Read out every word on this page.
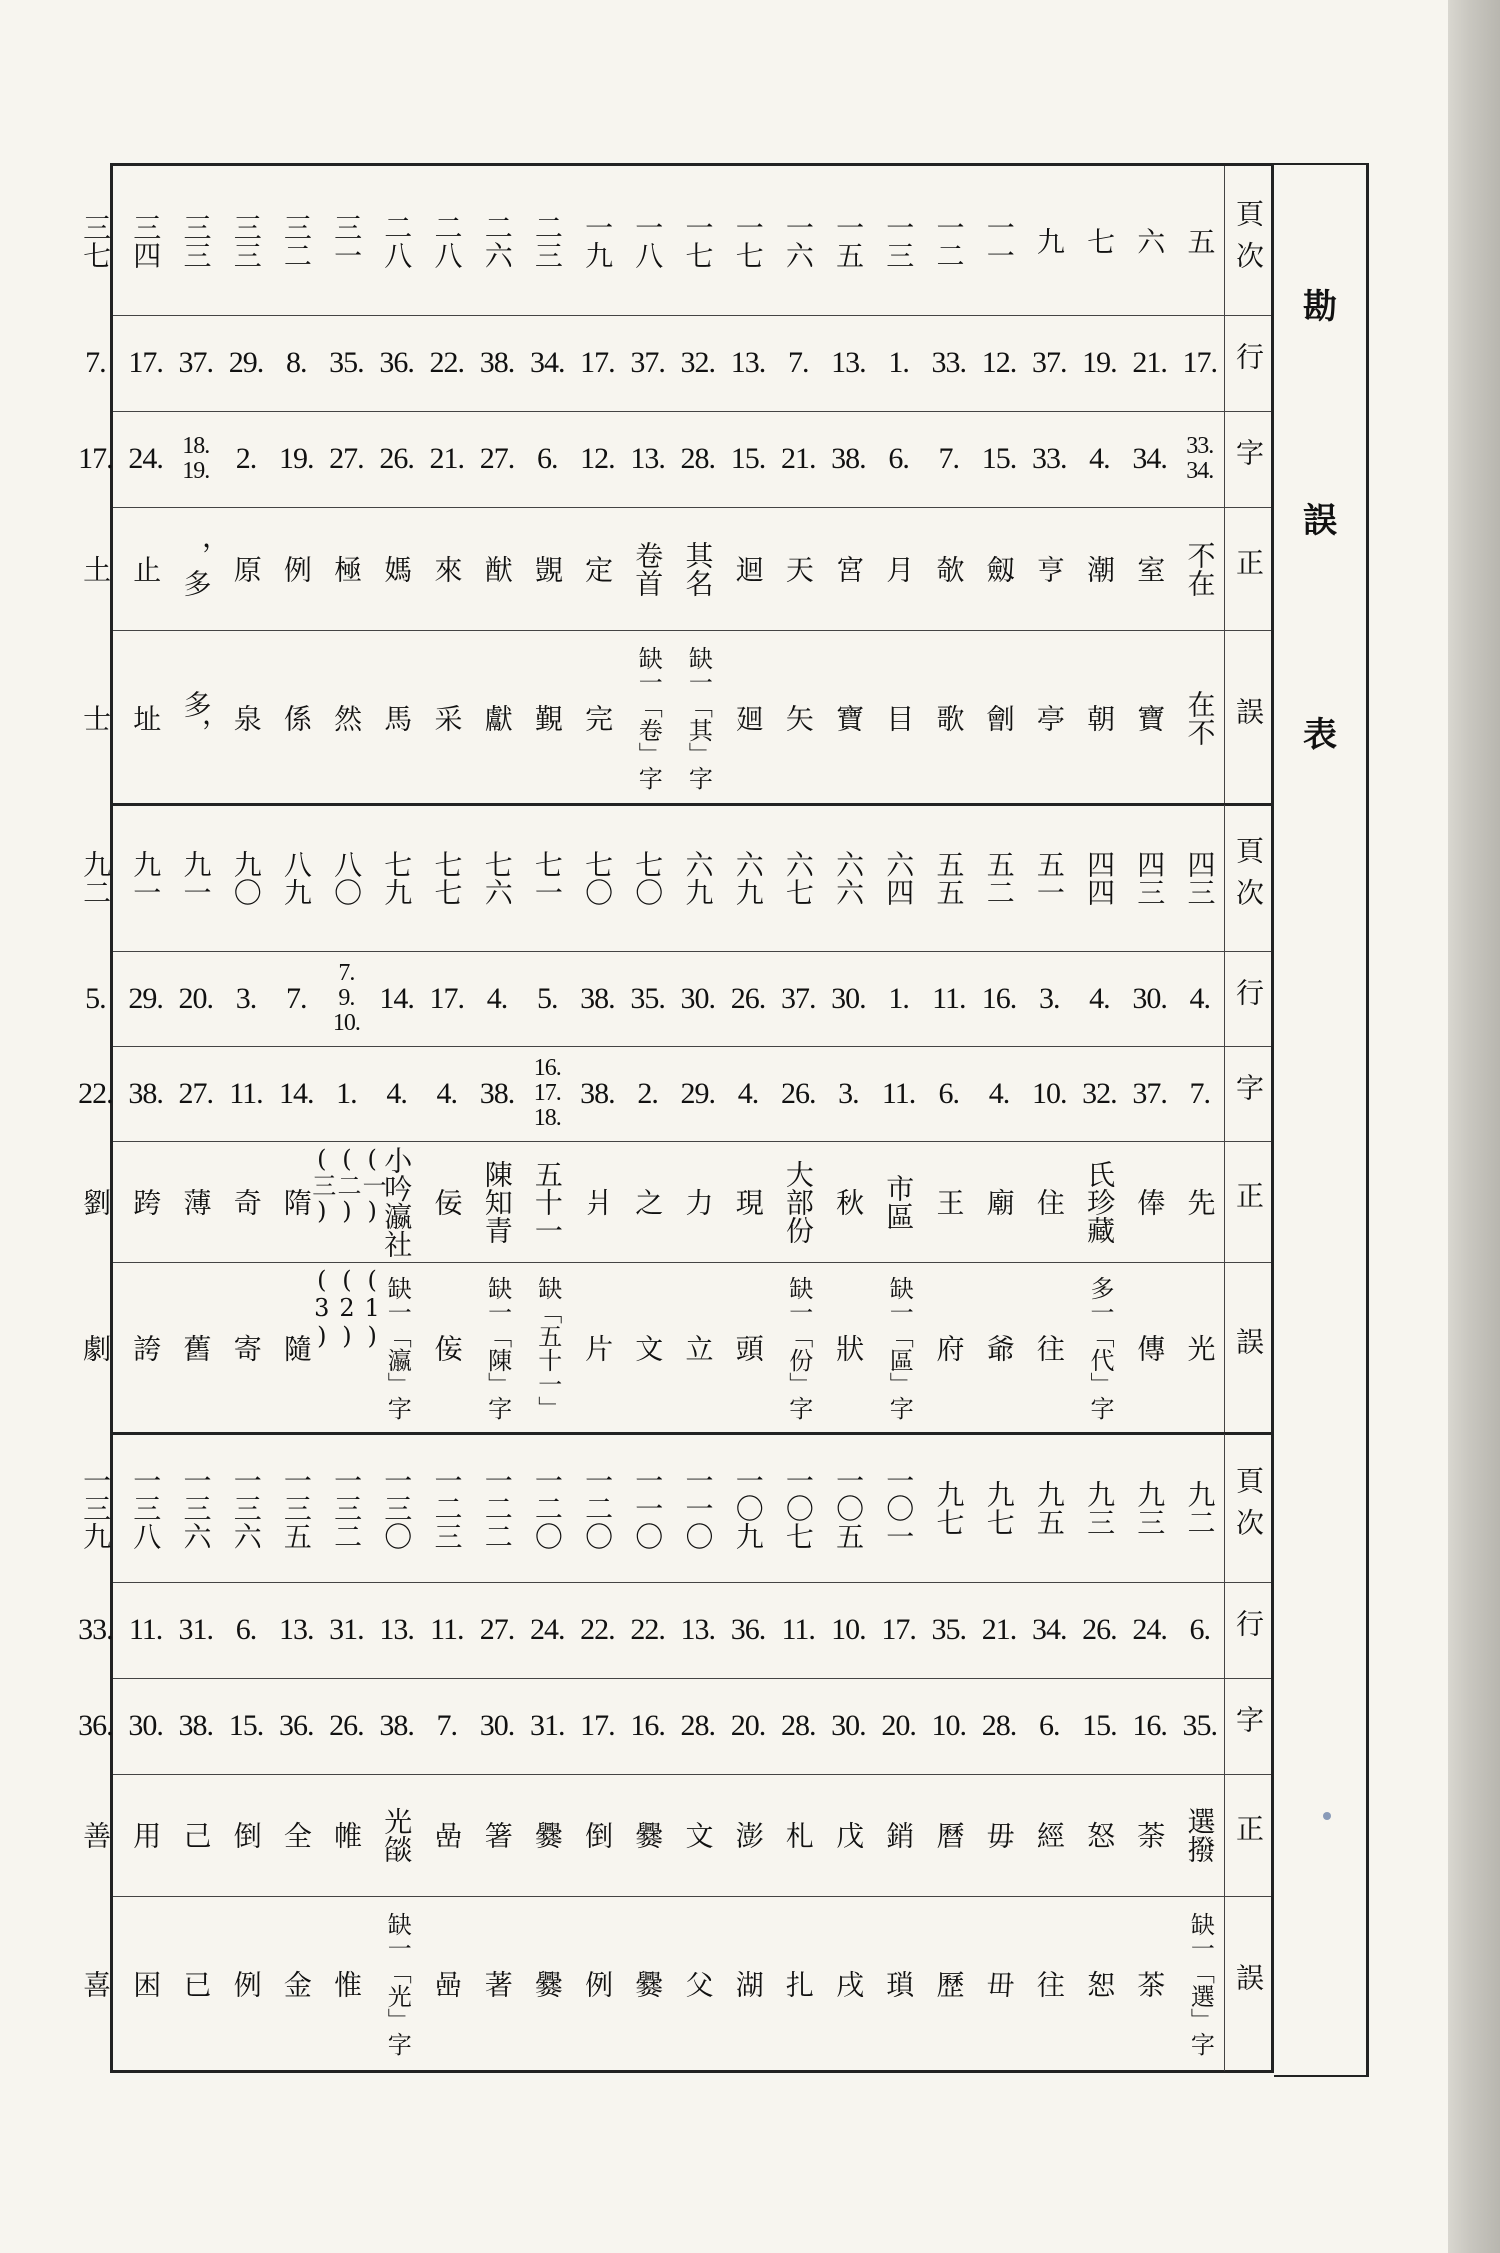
勘
誤
表
頁次
五
六
七
九
一一
一二
一三
一五
一六
一七
一七
一八
一九
二三
二六
二八
二八
三一
三二
三三
三三
三四
三七
行
17.
21.
19.
37.
12.
33.
1.
13.
7.
13.
32.
37.
17.
34.
38.
22.
36.
35.
8.
29.
37.
17.
7.
字
33.
34.
34.
4.
33.
15.
7.
6.
38.
21.
15.
28.
13.
12.
6.
27.
21.
26.
27.
19.
2.
18.
19.
24.
17.
正
不在
室
潮
亨
劔
欹
月
宮
天
迴
其名
卷首
定
覬
猷
來
媽
極
例
原
，多
止
土
誤
在不
寶
朝
亭
劊
歌
目
寶
矢
廻
缺一「其」字
缺一「卷」字
完
覲
獻
采
馬
然
係
泉
多，
址
士
頁次
四三
四三
四四
五一
五二
五五
六四
六六
六七
六九
六九
七〇
七〇
七一
七六
七七
七九
八〇
八九
九〇
九一
九一
九二
行
4.
30.
4.
3.
16.
11.
1.
30.
37.
26.
30.
35.
38.
5.
4.
17.
14.
7.
9.
10.
7.
3.
20.
29.
5.
字
7.
37.
32.
10.
4.
6.
11.
3.
26.
4.
29.
2.
38.
16.
17.
18.
38.
4.
4.
1.
14.
11.
27.
38.
22.
正
先
俸
氏珍藏
住
廟
王
市區
秋
大部份
現
力
之
爿
五十一
陳知青
佞
小吟瀛社
(一)(二)(三)
隋
奇
薄
跨
劉
誤
光
傳
多一「代」字
往
爺
府
缺一「區」字
狀
缺一「份」字
頭
立
文
片
缺「五十一」
缺一「陳」字
侫
缺一「瀛」字
(1)(2)(3)
隨
寄
舊
誇
劇
頁次
九二
九三
九三
九五
九七
九七
一〇一
一〇五
一〇七
一〇九
一一〇
一一〇
一二〇
一二〇
一二二
一二三
一三〇
一三二
一三五
一三六
一三六
一三八
一三九
行
6.
24.
26.
34.
21.
35.
17.
10.
11.
36.
13.
22.
22.
24.
27.
11.
13.
31.
13.
6.
31.
11.
33.
字
35.
16.
15.
6.
28.
10.
20.
30.
28.
20.
28.
16.
17.
31.
30.
7.
38.
26.
36.
15.
38.
30.
36.
正
選撥
荼
怒
經
毋
曆
銷
戊
札
澎
文
爨
倒
爨
箸
嵒
光燄
帷
全
倒
己
用
善
誤
缺一「選」字
茶
恕
往
毌
歷
瑣
戌
扎
湖
父
爨
例
爨
著
喦
缺一「光」字
惟
金
例
已
困
喜
